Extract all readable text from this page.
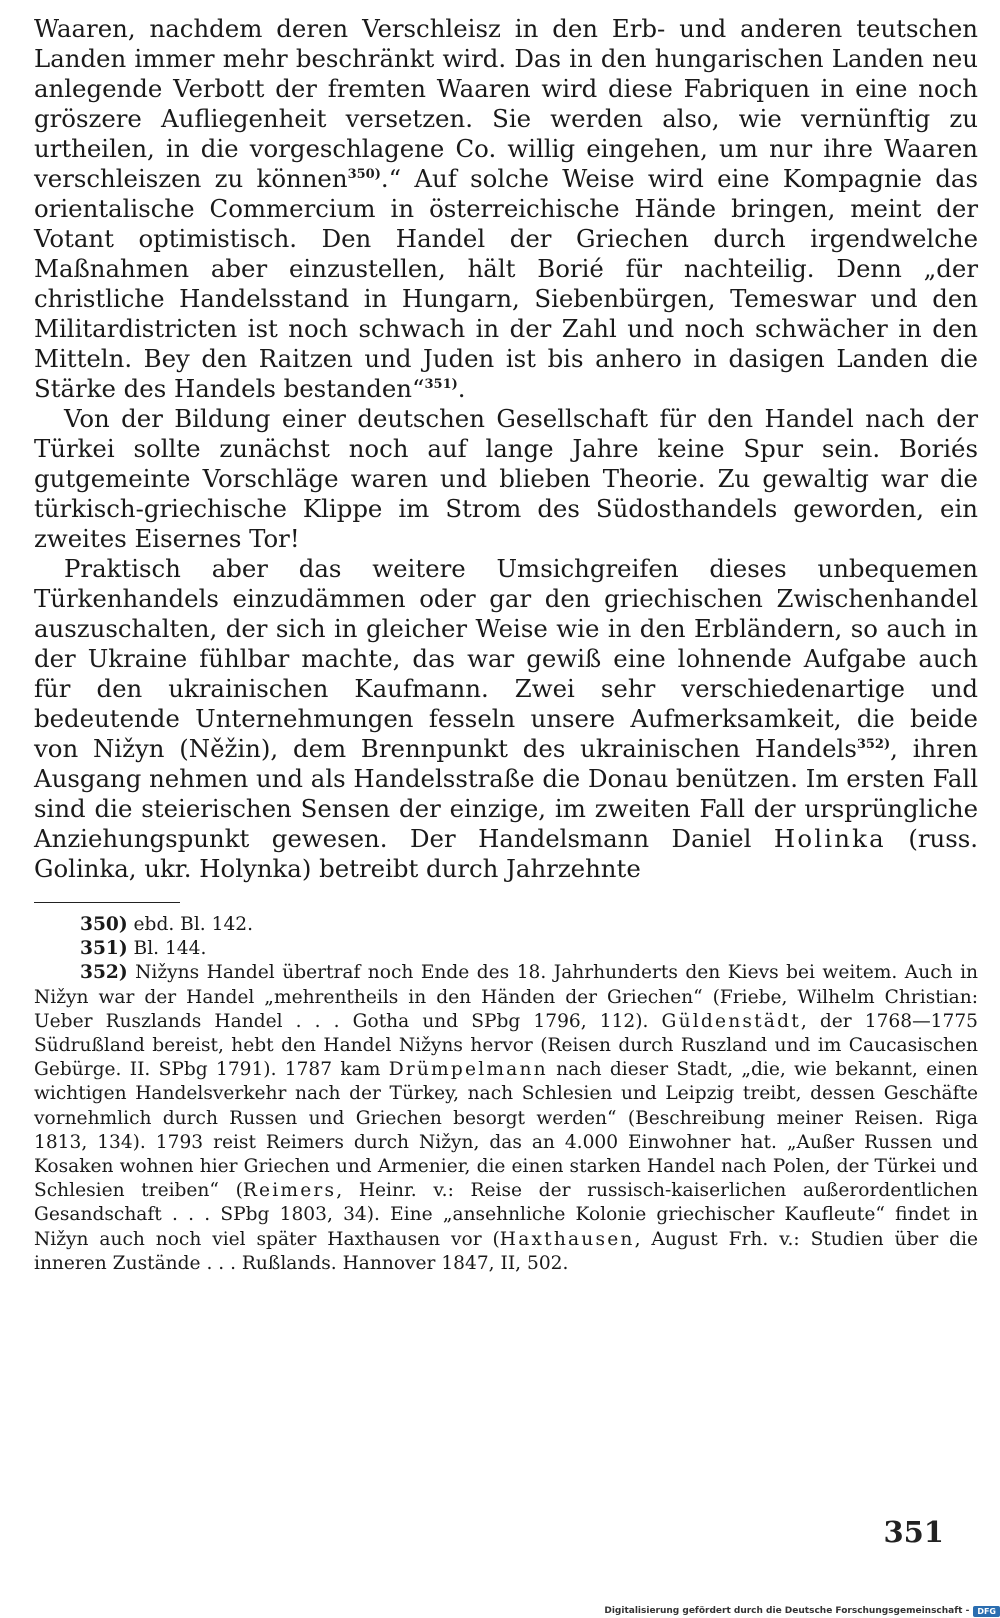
Waaren, nachdem deren Verschleisz in den Erb- und anderen teutschen Landen immer mehr beschränkt wird. Das in den hungarischen Landen neu anlegende Verbott der fremten Waaren wird diese Fabriquen in eine noch gröszere Aufliegenheit versetzen. Sie werden also, wie vernünftig zu urtheilen, in die vorgeschlagene Co. willig eingehen, um nur ihre Waaren verschleiszen zu können$^{350)}$.“ Auf solche Weise wird eine Kompagnie das orientalische Commercium in österreichische Hände bringen, meint der Votant optimistisch. Den Handel der Griechen durch irgendwelche Maßnahmen aber einzustellen, hält Borié für nachteilig. Denn „der christliche Handelsstand in Hungarn, Siebenbürgen, Temeswar und den Militardistricten ist noch schwach in der Zahl und noch schwächer in den Mitteln. Bey den Raitzen und Juden ist bis anhero in dasigen Landen die Stärke des Handels bestanden“$^{351)}$.

Von der Bildung einer deutschen Gesellschaft für den Handel nach der Türkei sollte zunächst noch auf lange Jahre keine Spur sein. Boriés gutgemeinte Vorschläge waren und blieben Theorie. Zu gewaltig war die türkisch-griechische Klippe im Strom des Südosthandels geworden, ein zweites Eisernes Tor!

Praktisch aber das weitere Umsichgreifen dieses unbequemen Türkenhandels einzudämmen oder gar den griechischen Zwischenhandel auszuschalten, der sich in gleicher Weise wie in den Erbländern, so auch in der Ukraine fühlbar machte, das war gewiß eine lohnende Aufgabe auch für den ukrainischen Kaufmann. Zwei sehr verschiedenartige und bedeutende Unternehmungen fesseln unsere Aufmerksamkeit, die beide von Nižyn (Něžin), dem Brennpunkt des ukrainischen Handels$^{352)}$, ihren Ausgang nehmen und als Handelsstraße die Donau benützen. Im ersten Fall sind die steierischen Sensen der einzige, im zweiten Fall der ursprüngliche Anziehungspunkt gewesen. Der Handelsmann Daniel Holinka (russ. Golinka, ukr. Holynka) betreibt durch Jahrzehnte

350) ebd. Bl. 142.

351) Bl. 144.

352) Nižyns Handel übertraf noch Ende des 18. Jahrhunderts den Kievs bei weitem. Auch in Nižyn war der Handel „mehrentheils in den Händen der Griechen“ (Friebe, Wilhelm Christian: Ueber Ruszlands Handel . . . Gotha und SPbg 1796, 112). Güldenstädt, der 1768—1775 Südrußland bereist, hebt den Handel Nižyns hervor (Reisen durch Ruszland und im Caucasischen Gebürge. II. SPbg 1791). 1787 kam Drümpelmann nach dieser Stadt, „die, wie bekannt, einen wichtigen Handelsverkehr nach der Türkey, nach Schlesien und Leipzig treibt, dessen Geschäfte vornehmlich durch Russen und Griechen besorgt werden“ (Beschreibung meiner Reisen. Riga 1813, 134). 1793 reist Reimers durch Nižyn, das an 4.000 Einwohner hat. „Außer Russen und Kosaken wohnen hier Griechen und Armenier, die einen starken Handel nach Polen, der Türkei und Schlesien treiben“ (Reimers, Heinr. v.: Reise der russisch-kaiserlichen außerordentlichen Gesandschaft . . . SPbg 1803, 34). Eine „ansehnliche Kolonie griechischer Kaufleute“ findet in Nižyn auch noch viel später Haxthausen vor (Haxthausen, August Frh. v.: Studien über die inneren Zustände . . . Rußlands. Hannover 1847, II, 502.

351
Digitalisierung gefördert durch die Deutsche Forschungsgemeinschaft -	DFG
